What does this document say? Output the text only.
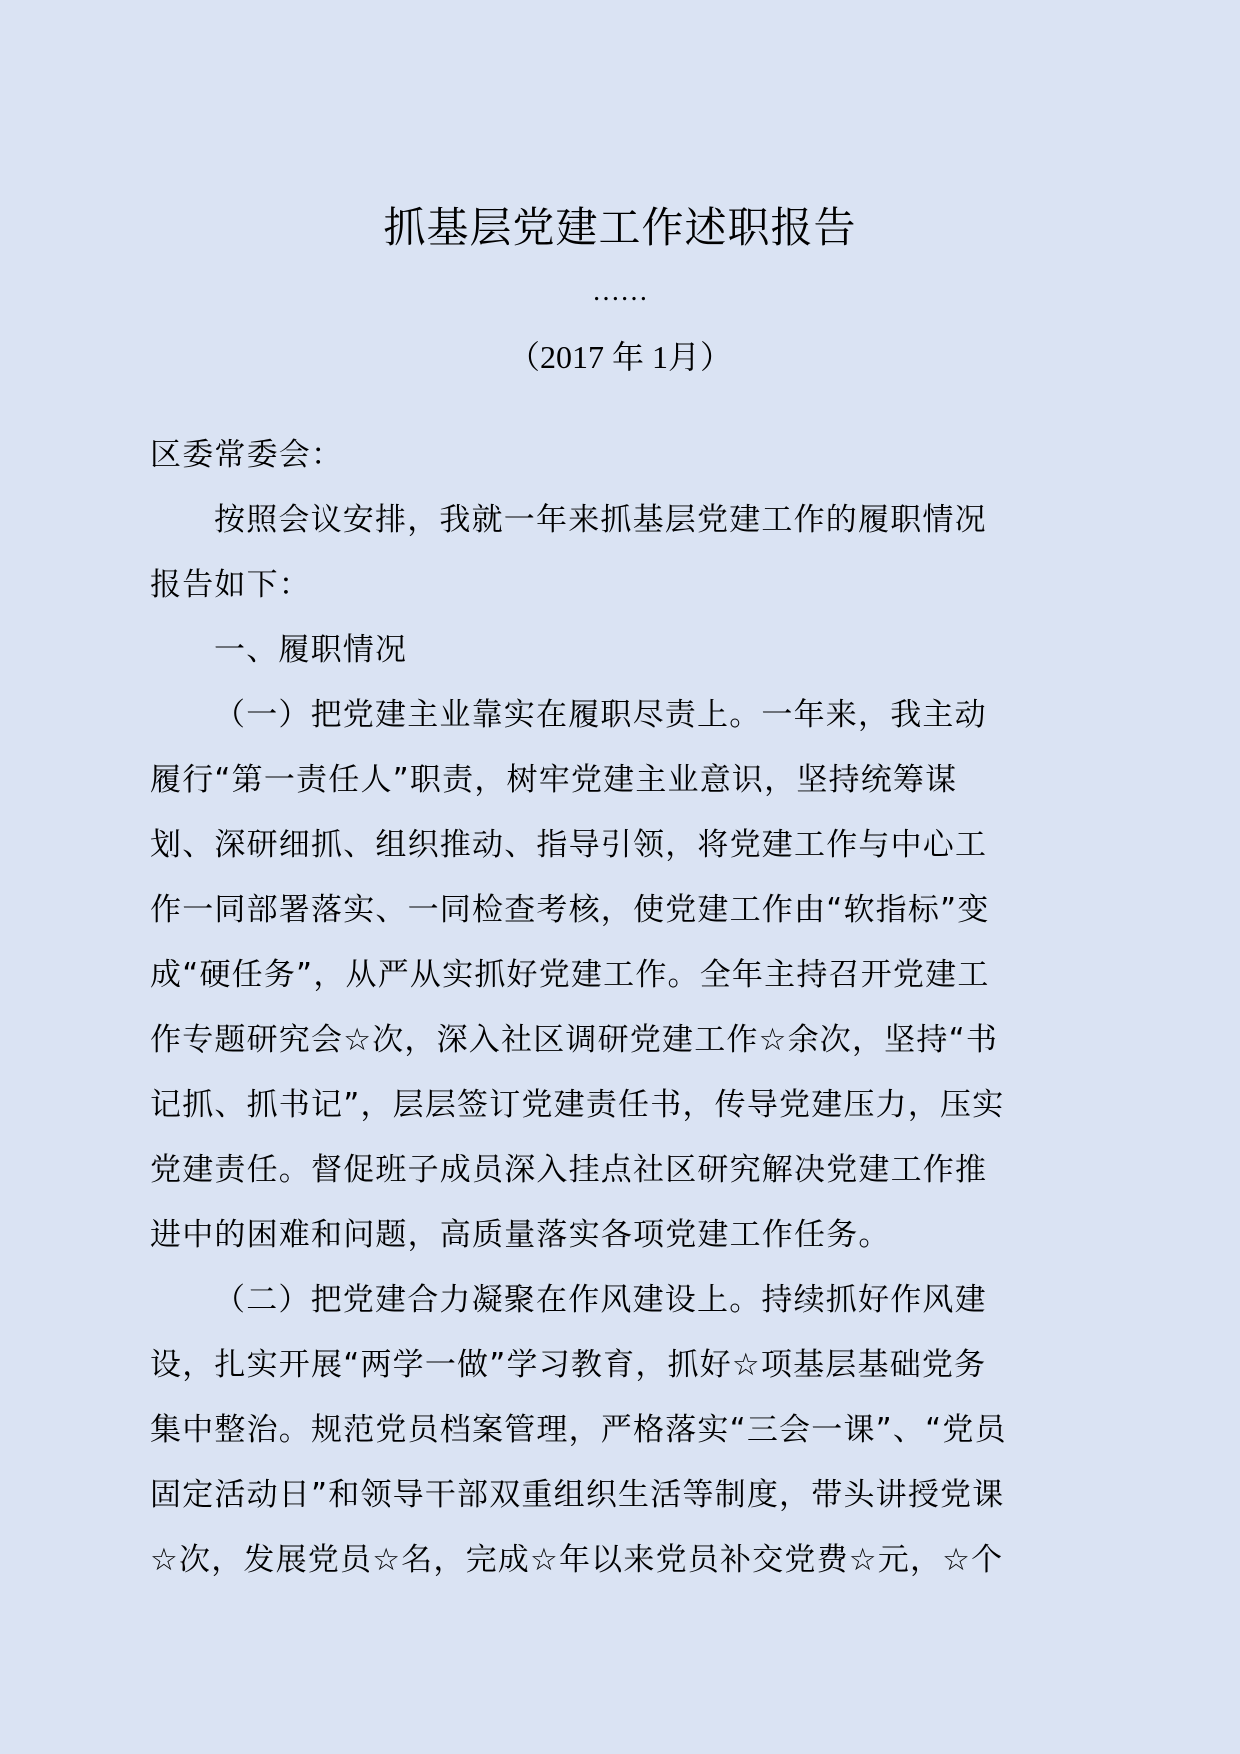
抓基层党建工作述职报告
……
（2017 年 1月）
区委常委会：
按照会议安排，我就一年来抓基层党建工作的履职情况
报告如下：
一、履职情况
（一）把党建主业靠实在履职尽责上。一年来，我主动
履行“第一责任人”职责，树牢党建主业意识，坚持统筹谋
划、深研细抓、组织推动、指导引领，将党建工作与中心工
作一同部署落实、一同检查考核，使党建工作由“软指标”变
成“硬任务”，从严从实抓好党建工作。全年主持召开党建工
作专题研究会☆次，深入社区调研党建工作☆余次，坚持“书
记抓、抓书记”，层层签订党建责任书，传导党建压力，压实
党建责任。督促班子成员深入挂点社区研究解决党建工作推
进中的困难和问题，高质量落实各项党建工作任务。
（二）把党建合力凝聚在作风建设上。持续抓好作风建
设，扎实开展“两学一做”学习教育，抓好☆项基层基础党务
集中整治。规范党员档案管理，严格落实“三会一课”、“党员
固定活动日”和领导干部双重组织生活等制度，带头讲授党课
☆次，发展党员☆名，完成☆年以来党员补交党费☆元，☆个
